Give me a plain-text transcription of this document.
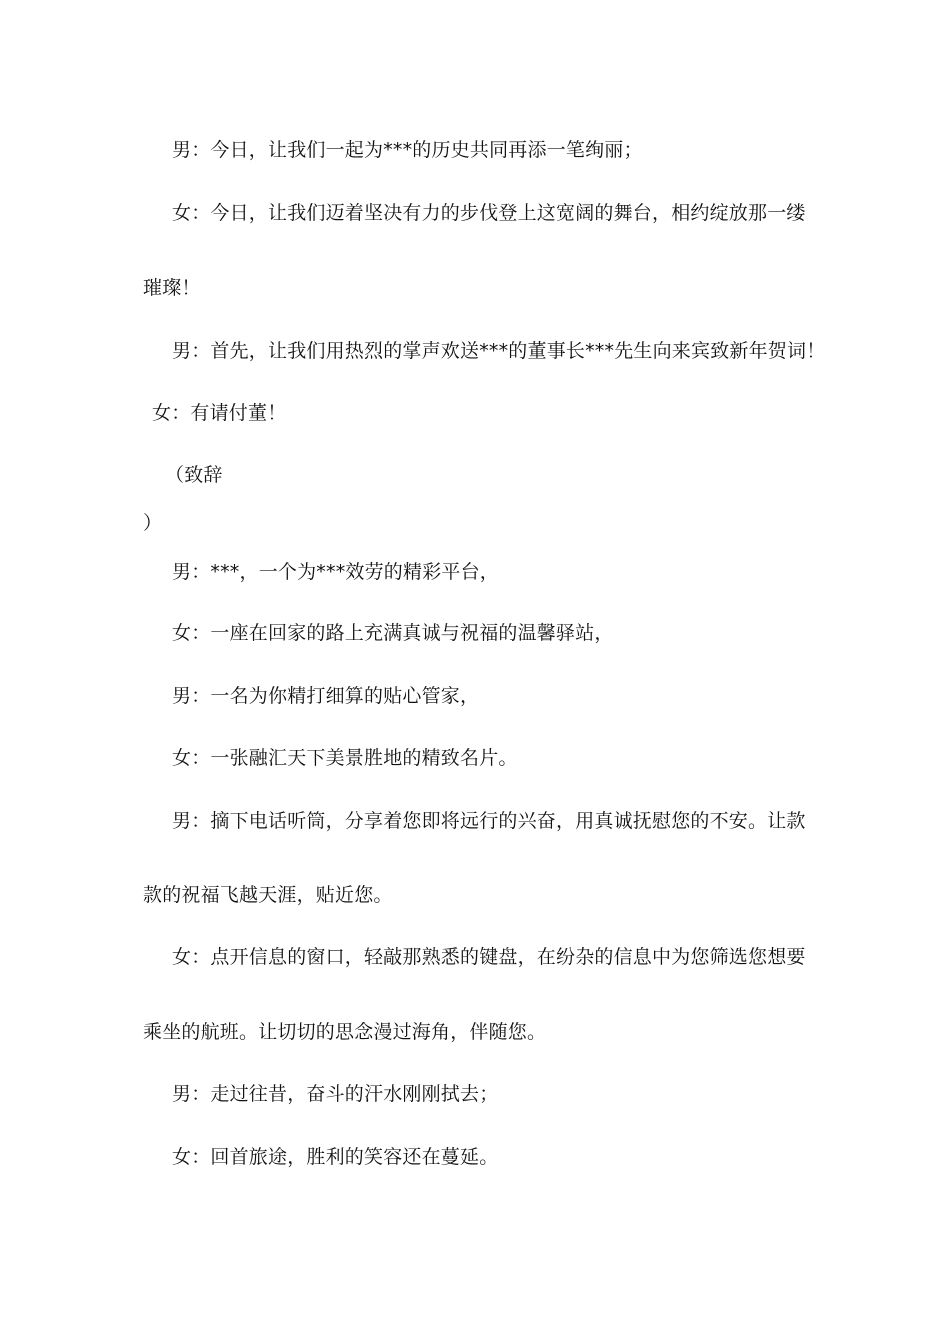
男：今日，让我们一起为***的历史共同再添一笔绚丽；
女：今日，让我们迈着坚决有力的步伐登上这宽阔的舞台，相约绽放那一缕
璀璨！
男：首先，让我们用热烈的掌声欢送***的董事长***先生向来宾致新年贺词！
女：有请付董！
（致辞
）
男：***，一个为***效劳的精彩平台，
女：一座在回家的路上充满真诚与祝福的温馨驿站，
男：一名为你精打细算的贴心管家，
女：一张融汇天下美景胜地的精致名片。
男：摘下电话听筒，分享着您即将远行的兴奋，用真诚抚慰您的不安。让款
款的祝福飞越天涯，贴近您。
女：点开信息的窗口，轻敲那熟悉的键盘，在纷杂的信息中为您筛选您想要
乘坐的航班。让切切的思念漫过海角，伴随您。
男：走过往昔，奋斗的汗水刚刚拭去；
女：回首旅途，胜利的笑容还在蔓延。
